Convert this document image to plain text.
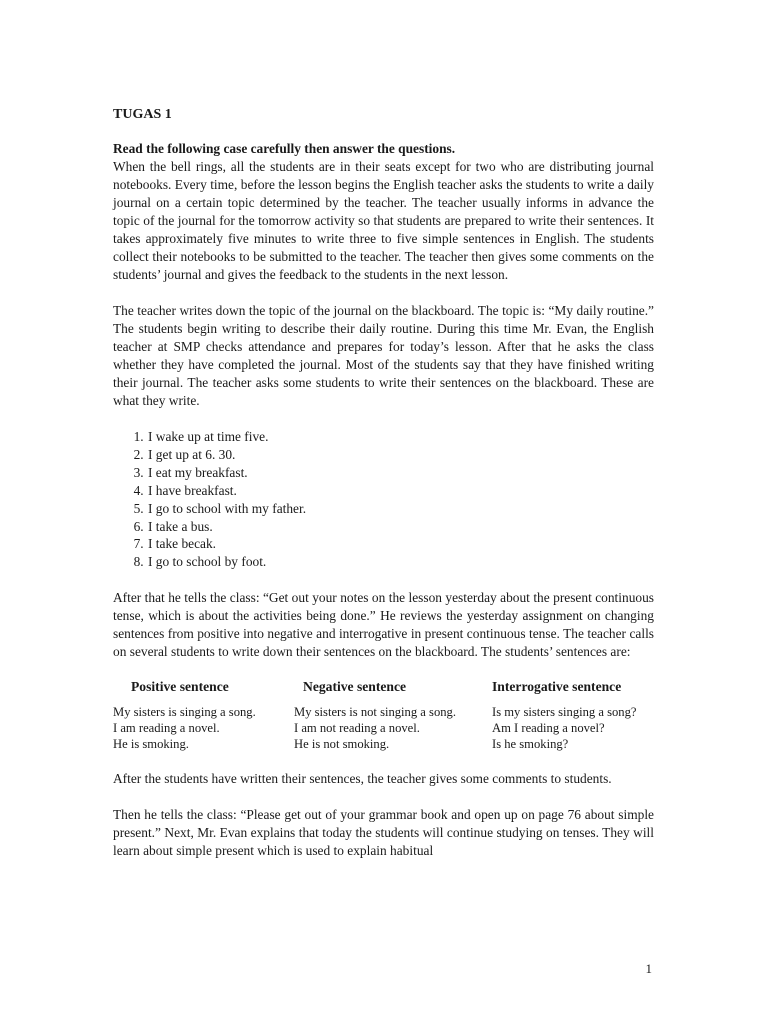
TUGAS 1
Read the following case carefully then answer the questions.

When the bell rings, all the students are in their seats except for two who are distributing journal notebooks. Every time, before the lesson begins the English teacher asks the students to write a daily journal on a certain topic determined by the teacher. The teacher usually informs in advance the topic of the journal for the tomorrow activity so that students are prepared to write their sentences. It takes approximately five minutes to write three to five simple sentences in English. The students collect their notebooks to be submitted to the teacher. The teacher then gives some comments on the students’ journal and gives the feedback to the students in the next lesson.

The teacher writes down the topic of the journal on the blackboard. The topic is: “My daily routine.” The students begin writing to describe their daily routine. During this time Mr. Evan, the English teacher at SMP checks attendance and prepares for today’s lesson. After that he asks the class whether they have completed the journal. Most of the students say that they have finished writing their journal. The teacher asks some students to write their sentences on the blackboard. These are what they write.

1. I wake up at time five.
2. I get up at 6. 30.
3. I eat my breakfast.
4. I have breakfast.
5. I go to school with my father.
6. I take a bus.
7. I take becak.
8. I go to school by foot.

After that he tells the class: “Get out your notes on the lesson yesterday about the present continuous tense, which is about the activities being done.” He reviews the yesterday assignment on changing sentences from positive into negative and interrogative in present continuous tense. The teacher calls on several students to write down their sentences on the blackboard. The students’ sentences are:

Positive sentence	Negative sentence	Interrogative sentence
My sisters is singing a song.	My sisters is not singing a song.	Is my sisters singing a song?
I am reading a novel.	I am not reading a novel.	Am I reading a novel?
He is smoking.	He is not smoking.	Is he smoking?

After the students have written their sentences, the teacher gives some comments to students.

Then he tells the class: “Please get out of your grammar book and open up on page 76 about simple present.” Next, Mr. Evan explains that today the students will continue studying on tenses. They will learn about simple present which is used to explain habitual

1
